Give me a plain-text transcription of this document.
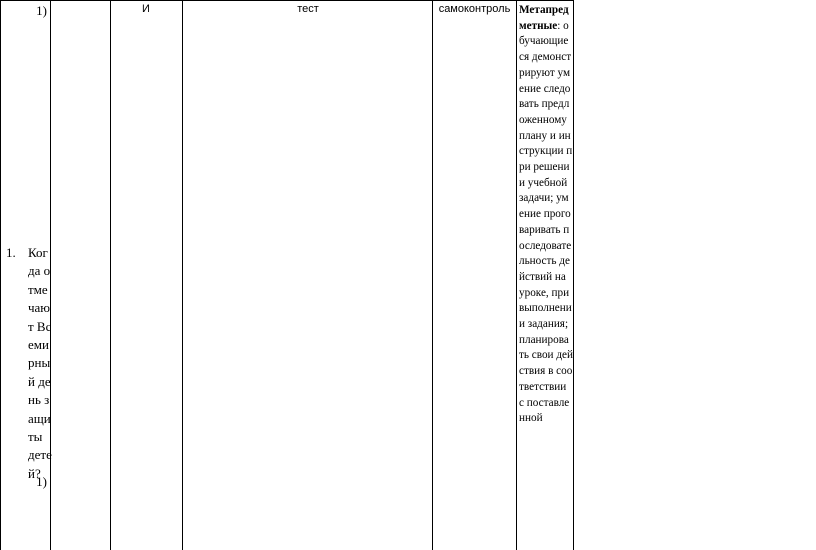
1)
1. Когда отмечают Всемирный день защиты детей?
1)
И	тест	самоконтроль Метапредметные: обучающиеся демонстрируют умение следовать предложенному плану и инструкции при решении учебной задачи; умение проговаривать последовательность действий на уроке, при выполнении задания; планировать свои действия в соответствии с поставленной
